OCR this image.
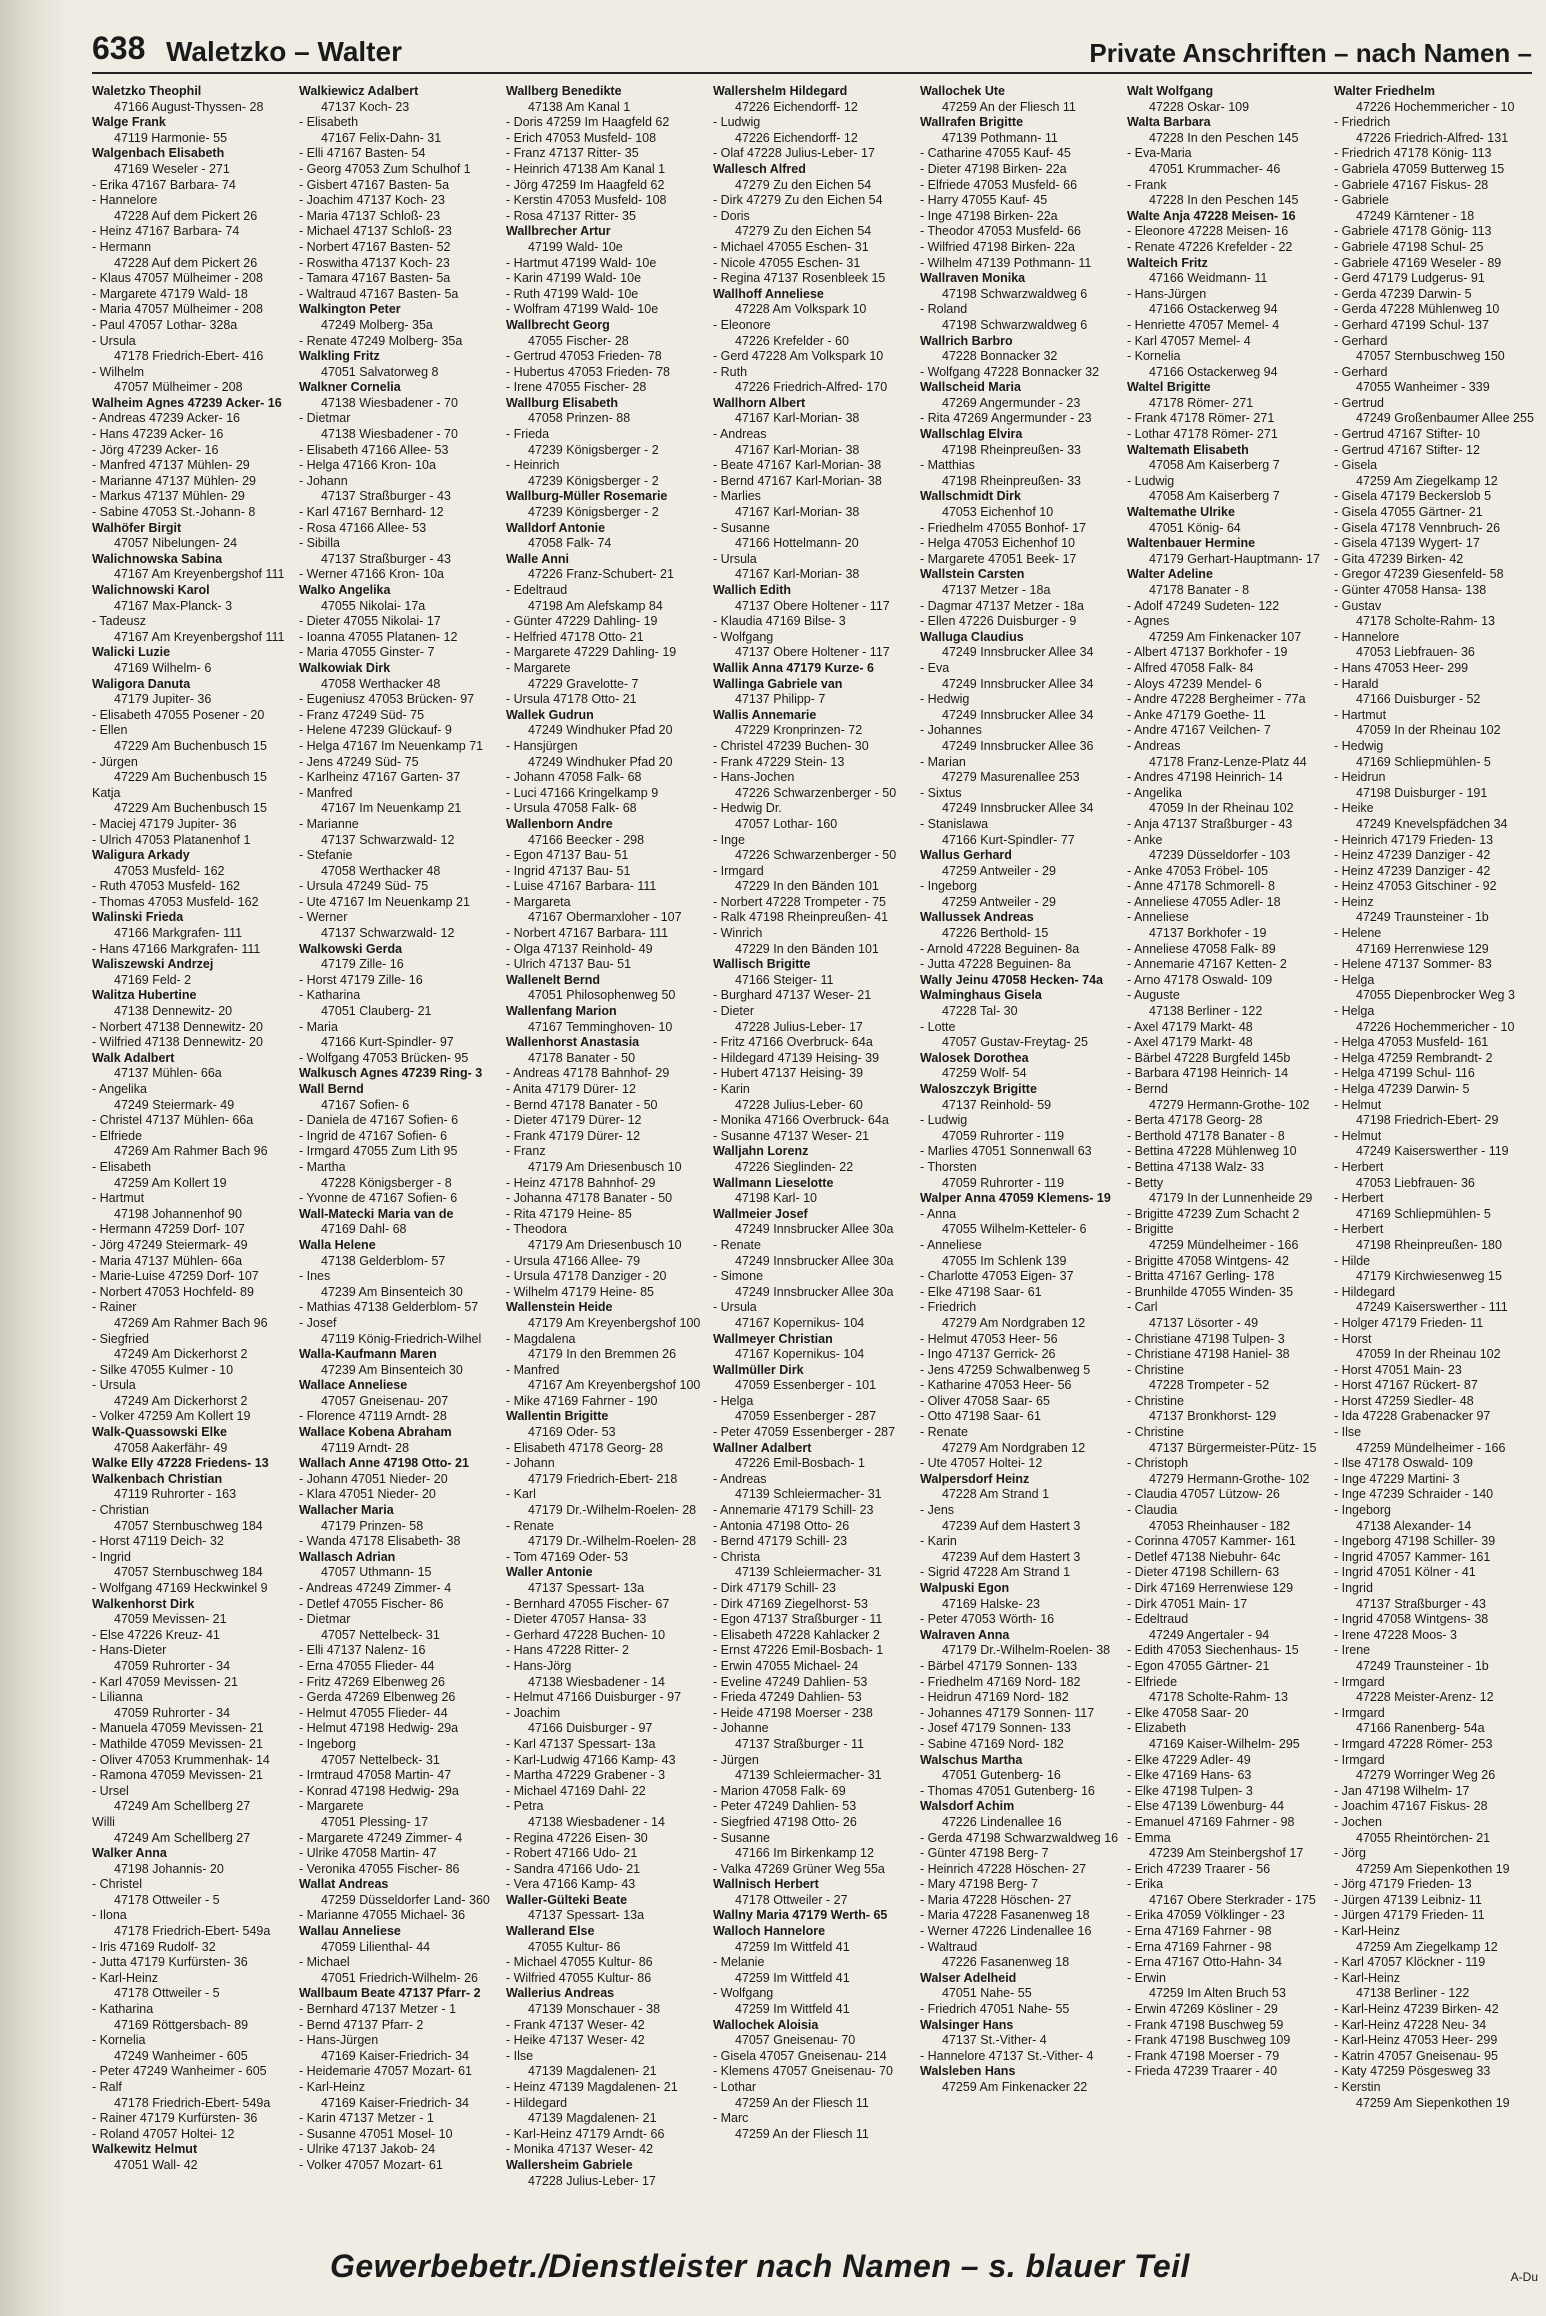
638 Waletzko – Walter	Private Anschriften – nach Namen –
Waletzko Theophil
47166 August-Thyssen- 28
Walge Frank
47119 Harmonie- 55
Walgenbach Elisabeth
47169 Weseler - 271
- Erika 47167 Barbara- 74
- Hannelore
47228 Auf dem Pickert 26
- Heinz 47167 Barbara- 74
- Hermann
47228 Auf dem Pickert 26
- Klaus 47057 Mülheimer - 208
- Margarete 47179 Wald- 18
- Maria 47057 Mülheimer - 208
- Paul 47057 Lothar- 328a
- Ursula
47178 Friedrich-Ebert- 416
- Wilhelm
47057 Mülheimer - 208
Walheim Agnes 47239 Acker- 16
- Andreas 47239 Acker- 16
- Hans 47239 Acker- 16
- Jörg 47239 Acker- 16
- Manfred 47137 Mühlen- 29
- Marianne 47137 Mühlen- 29
- Markus 47137 Mühlen- 29
- Sabine 47053 St.-Johann- 8
Walhöfer Birgit
47057 Nibelungen- 24
Walichnowska Sabina
47167 Am Kreyenbergshof 111
Walichnowski Karol
47167 Max-Planck- 3
- Tadeusz
47167 Am Kreyenbergshof 111
Walicki Luzie
47169 Wilhelm- 6
Waligora Danuta
47179 Jupiter- 36
- Elisabeth 47055 Posener - 20
- Ellen
47229 Am Buchenbusch 15
- Jürgen
47229 Am Buchenbusch 15
Katja
47229 Am Buchenbusch 15
- Maciej 47179 Jupiter- 36
- Ulrich 47053 Platanenhof 1
Waligura Arkady
47053 Musfeld- 162
- Ruth 47053 Musfeld- 162
- Thomas 47053 Musfeld- 162
Walinski Frieda
47166 Markgrafen- 111
- Hans 47166 Markgrafen- 111
Waliszewski Andrzej
47169 Feld- 2
Walitza Hubertine
47138 Dennewitz- 20
- Norbert 47138 Dennewitz- 20
- Wilfried 47138 Dennewitz- 20
Walk Adalbert
47137 Mühlen- 66a
- Angelika
47249 Steiermark- 49
- Christel 47137 Mühlen- 66a
- Elfriede
47269 Am Rahmer Bach 96
- Elisabeth
47259 Am Kollert 19
- Hartmut
47198 Johannenhof 90
- Hermann 47259 Dorf- 107
- Jörg 47249 Steiermark- 49
- Maria 47137 Mühlen- 66a
- Marie-Luise 47259 Dorf- 107
- Norbert 47053 Hochfeld- 89
- Rainer
47269 Am Rahmer Bach 96
- Siegfried
47249 Am Dickerhorst 2
- Silke 47055 Kulmer - 10
- Ursula
47249 Am Dickerhorst 2
- Volker 47259 Am Kollert 19
Walk-Quassowski Elke
47058 Aakerfähr- 49
Walke Elly 47228 Friedens- 13
Walkenbach Christian
47119 Ruhrorter - 163
- Christian
47057 Sternbuschweg 184
- Horst 47119 Deich- 32
- Ingrid
47057 Sternbuschweg 184
- Wolfgang 47169 Heckwinkel 9
Walkenhorst Dirk
47059 Mevissen- 21
- Else 47226 Kreuz- 41
- Hans-Dieter
47059 Ruhrorter - 34
- Karl 47059 Mevissen- 21
- Lilianna
47059 Ruhrorter - 34
- Manuela 47059 Mevissen- 21
- Mathilde 47059 Mevissen- 21
- Oliver 47053 Krummenhak- 14
- Ramona 47059 Mevissen- 21
- Ursel
47249 Am Schellberg 27
Willi
47249 Am Schellberg 27
Walker Anna
47198 Johannis- 20
- Christel
47178 Ottweiler - 5
- Ilona
47178 Friedrich-Ebert- 549a
- Iris 47169 Rudolf- 32
- Jutta 47179 Kurfürsten- 36
- Karl-Heinz
47178 Ottweiler - 5
- Katharina
47169 Röttgersbach- 89
- Kornelia
47249 Wanheimer - 605
- Peter 47249 Wanheimer - 605
- Ralf
47178 Friedrich-Ebert- 549a
- Rainer 47179 Kurfürsten- 36
- Roland 47057 Holtei- 12
Walkewitz Helmut
47051 Wall- 42
Walkiewicz Adalbert
47137 Koch- 23
- Elisabeth
47167 Felix-Dahn- 31
- Elli 47167 Basten- 54
- Georg 47053 Zum Schulhof 1
- Gisbert 47167 Basten- 5a
- Joachim 47137 Koch- 23
- Maria 47137 Schloß- 23
- Michael 47137 Schloß- 23
- Norbert 47167 Basten- 52
- Roswitha 47137 Koch- 23
- Tamara 47167 Basten- 5a
- Waltraud 47167 Basten- 5a
Walkington Peter
47249 Molberg- 35a
- Renate 47249 Molberg- 35a
Walkling Fritz
47051 Salvatorweg 8
Walkner Cornelia
47138 Wiesbadener - 70
- Dietmar
47138 Wiesbadener - 70
- Elisabeth 47166 Allee- 53
- Helga 47166 Kron- 10a
- Johann
47137 Straßburger - 43
- Karl 47167 Bernhard- 12
- Rosa 47166 Allee- 53
- Sibilla
47137 Straßburger - 43
- Werner 47166 Kron- 10a
Walko Angelika
47055 Nikolai- 17a
- Dieter 47055 Nikolai- 17
- Ioanna 47055 Platanen- 12
- Maria 47055 Ginster- 7
Walkowiak Dirk
47058 Werthacker 48
- Eugeniusz 47053 Brücken- 97
- Franz 47249 Süd- 75
- Helene 47239 Glückauf- 9
- Helga 47167 Im Neuenkamp 71
- Jens 47249 Süd- 75
- Karlheinz 47167 Garten- 37
- Manfred
47167 Im Neuenkamp 21
- Marianne
47137 Schwarzwald- 12
- Stefanie
47058 Werthacker 48
- Ursula 47249 Süd- 75
- Ute 47167 Im Neuenkamp 21
- Werner
47137 Schwarzwald- 12
Walkowski Gerda
47179 Zille- 16
- Horst 47179 Zille- 16
- Katharina
47051 Clauberg- 21
- Maria
47166 Kurt-Spindler- 97
- Wolfgang 47053 Brücken- 95
Walkusch Agnes 47239 Ring- 3
Wall Bernd
47167 Sofien- 6
- Daniela de 47167 Sofien- 6
- Ingrid de 47167 Sofien- 6
- Irmgard 47055 Zum Lith 95
- Martha
47228 Königsberger - 8
- Yvonne de 47167 Sofien- 6
Wall-Matecki Maria van de
47169 Dahl- 68
Walla Helene
47138 Gelderblom- 57
- Ines
47239 Am Binsenteich 30
- Mathias 47138 Gelderblom- 57
- Josef
47119 König-Friedrich-Wilhel
Walla-Kaufmann Maren
47239 Am Binsenteich 30
Wallace Anneliese
47057 Gneisenau- 207
- Florence 47119 Arndt- 28
Wallace Kobena Abraham
47119 Arndt- 28
Wallach Anne 47198 Otto- 21
- Johann 47051 Nieder- 20
- Klara 47051 Nieder- 20
Wallacher Maria
47179 Prinzen- 58
- Wanda 47178 Elisabeth- 38
Wallasch Adrian
47057 Uthmann- 15
- Andreas 47249 Zimmer- 4
- Detlef 47055 Fischer- 86
- Dietmar
47057 Nettelbeck- 31
- Elli 47137 Nalenz- 16
- Erna 47055 Flieder- 44
- Fritz 47269 Elbenweg 26
- Gerda 47269 Elbenweg 26
- Helmut 47055 Flieder- 44
- Helmut 47198 Hedwig- 29a
- Ingeborg
47057 Nettelbeck- 31
- Irmtraud 47058 Martin- 47
- Konrad 47198 Hedwig- 29a
- Margarete
47051 Plessing- 17
- Margarete 47249 Zimmer- 4
- Ulrike 47058 Martin- 47
- Veronika 47055 Fischer- 86
Wallat Andreas
47259 Düsseldorfer Land- 360
- Marianne 47055 Michael- 36
Wallau Anneliese
47059 Lilienthal- 44
- Michael
47051 Friedrich-Wilhelm- 26
Wallbaum Beate 47137 Pfarr- 2
- Bernhard 47137 Metzer - 1
- Bernd 47137 Pfarr- 2
- Hans-Jürgen
47169 Kaiser-Friedrich- 34
- Heidemarie 47057 Mozart- 61
- Karl-Heinz
47169 Kaiser-Friedrich- 34
- Karin 47137 Metzer - 1
- Susanne 47051 Mosel- 10
- Ulrike 47137 Jakob- 24
- Volker 47057 Mozart- 61
Wallberg Benedikte
47138 Am Kanal 1
- Doris 47259 Im Haagfeld 62
- Erich 47053 Musfeld- 108
- Franz 47137 Ritter- 35
- Heinrich 47138 Am Kanal 1
- Jörg 47259 Im Haagfeld 62
- Kerstin 47053 Musfeld- 108
- Rosa 47137 Ritter- 35
Wallbrecher Artur
47199 Wald- 10e
- Hartmut 47199 Wald- 10e
- Karin 47199 Wald- 10e
- Ruth 47199 Wald- 10e
- Wolfram 47199 Wald- 10e
Wallbrecht Georg
47055 Fischer- 28
- Gertrud 47053 Frieden- 78
- Hubertus 47053 Frieden- 78
- Irene 47055 Fischer- 28
Wallburg Elisabeth
47058 Prinzen- 88
- Frieda
47239 Königsberger - 2
- Heinrich
47239 Königsberger - 2
Wallburg-Müller Rosemarie
47239 Königsberger - 2
Walldorf Antonie
47058 Falk- 74
Walle Anni
47226 Franz-Schubert- 21
- Edeltraud
47198 Am Alefskamp 84
- Günter 47229 Dahling- 19
- Helfried 47178 Otto- 21
- Margarete 47229 Dahling- 19
- Margarete
47229 Gravelotte- 7
- Ursula 47178 Otto- 21
Wallek Gudrun
47249 Windhuker Pfad 20
- Hansjürgen
47249 Windhuker Pfad 20
- Johann 47058 Falk- 68
- Luci 47166 Kringelkamp 9
- Ursula 47058 Falk- 68
Wallenborn Andre
47166 Beecker - 298
- Egon 47137 Bau- 51
- Ingrid 47137 Bau- 51
- Luise 47167 Barbara- 111
- Margareta
47167 Obermarxloher - 107
- Norbert 47167 Barbara- 111
- Olga 47137 Reinhold- 49
- Ulrich 47137 Bau- 51
Wallenelt Bernd
47051 Philosophenweg 50
Wallenfang Marion
47167 Temminghoven- 10
Wallenhorst Anastasia
47178 Banater - 50
- Andreas 47178 Bahnhof- 29
- Anita 47179 Dürer- 12
- Bernd 47178 Banater - 50
- Dieter 47179 Dürer- 12
- Frank 47179 Dürer- 12
- Franz
47179 Am Driesenbusch 10
- Heinz 47178 Bahnhof- 29
- Johanna 47178 Banater - 50
- Rita 47179 Heine- 85
- Theodora
47179 Am Driesenbusch 10
- Ursula 47166 Allee- 79
- Ursula 47178 Danziger - 20
- Wilhelm 47179 Heine- 85
Wallenstein Heide
47179 Am Kreyenbergshof 100
- Magdalena
47179 In den Bremmen 26
- Manfred
47167 Am Kreyenbergshof 100
- Mike 47169 Fahrner - 190
Wallentin Brigitte
47169 Oder- 53
- Elisabeth 47178 Georg- 28
- Johann
47179 Friedrich-Ebert- 218
- Karl
47179 Dr.-Wilhelm-Roelen- 28
- Renate
47179 Dr.-Wilhelm-Roelen- 28
- Tom 47169 Oder- 53
Waller Antonie
47137 Spessart- 13a
- Bernhard 47055 Fischer- 67
- Dieter 47057 Hansa- 33
- Gerhard 47228 Buchen- 10
- Hans 47228 Ritter- 2
- Hans-Jörg
47138 Wiesbadener - 14
- Helmut 47166 Duisburger - 97
- Joachim
47166 Duisburger - 97
- Karl 47137 Spessart- 13a
- Karl-Ludwig 47166 Kamp- 43
- Martha 47229 Grabener - 3
- Michael 47169 Dahl- 22
- Petra
47138 Wiesbadener - 14
- Regina 47226 Eisen- 30
- Robert 47166 Udo- 21
- Sandra 47166 Udo- 21
- Vera 47166 Kamp- 43
Waller-Gülteki Beate
47137 Spessart- 13a
Wallerand Else
47055 Kultur- 86
- Michael 47055 Kultur- 86
- Wilfried 47055 Kultur- 86
Wallerius Andreas
47139 Monschauer - 38
- Frank 47137 Weser- 42
- Heike 47137 Weser- 42
- Ilse
47139 Magdalenen- 21
- Heinz 47139 Magdalenen- 21
- Hildegard
47139 Magdalenen- 21
- Karl-Heinz 47179 Arndt- 66
- Monika 47137 Weser- 42
Wallersheim Gabriele
47228 Julius-Leber- 17
Wallershelm Hildegard
47226 Eichendorff- 12
- Ludwig
47226 Eichendorff- 12
- Olaf 47228 Julius-Leber- 17
Wallesch Alfred
47279 Zu den Eichen 54
- Dirk 47279 Zu den Eichen 54
- Doris
47279 Zu den Eichen 54
- Michael 47055 Eschen- 31
- Nicole 47055 Eschen- 31
- Regina 47137 Rosenbleek 15
Wallhoff Anneliese
47228 Am Volkspark 10
- Eleonore
47226 Krefelder - 60
- Gerd 47228 Am Volkspark 10
- Ruth
47226 Friedrich-Alfred- 170
Wallhorn Albert
47167 Karl-Morian- 38
- Andreas
47167 Karl-Morian- 38
- Beate 47167 Karl-Morian- 38
- Bernd 47167 Karl-Morian- 38
- Marlies
47167 Karl-Morian- 38
- Susanne
47166 Hottelmann- 20
- Ursula
47167 Karl-Morian- 38
Wallich Edith
47137 Obere Holtener - 117
- Klaudia 47169 Bilse- 3
- Wolfgang
47137 Obere Holtener - 117
Wallik Anna 47179 Kurze- 6
Wallinga Gabriele van
47137 Philipp- 7
Wallis Annemarie
47229 Kronprinzen- 72
- Christel 47239 Buchen- 30
- Frank 47229 Stein- 13
- Hans-Jochen
47226 Schwarzenberger - 50
- Hedwig Dr.
47057 Lothar- 160
- Inge
47226 Schwarzenberger - 50
- Irmgard
47229 In den Bänden 101
- Norbert 47228 Trompeter - 75
- Ralk 47198 Rheinpreußen- 41
- Winrich
47229 In den Bänden 101
Wallisch Brigitte
47166 Steiger- 11
- Burghard 47137 Weser- 21
- Dieter
47228 Julius-Leber- 17
- Fritz 47166 Overbruck- 64a
- Hildegard 47139 Heising- 39
- Hubert 47137 Heising- 39
- Karin
47228 Julius-Leber- 60
- Monika 47166 Overbruck- 64a
- Susanne 47137 Weser- 21
Walljahn Lorenz
47226 Sieglinden- 22
Wallmann Lieselotte
47198 Karl- 10
Wallmeier Josef
47249 Innsbrucker Allee 30a
- Renate
47249 Innsbrucker Allee 30a
- Simone
47249 Innsbrucker Allee 30a
- Ursula
47167 Kopernikus- 104
Wallmeyer Christian
47167 Kopernikus- 104
Wallmüller Dirk
47059 Essenberger - 101
- Helga
47059 Essenberger - 287
- Peter 47059 Essenberger - 287
Wallner Adalbert
47226 Emil-Bosbach- 1
- Andreas
47139 Schleiermacher- 31
- Annemarie 47179 Schill- 23
- Antonia 47198 Otto- 26
- Bernd 47179 Schill- 23
- Christa
47139 Schleiermacher- 31
- Dirk 47179 Schill- 23
- Dirk 47169 Ziegelhorst- 53
- Egon 47137 Straßburger - 11
- Elisabeth 47228 Kahlacker 2
- Ernst 47226 Emil-Bosbach- 1
- Erwin 47055 Michael- 24
- Eveline 47249 Dahlien- 53
- Frieda 47249 Dahlien- 53
- Heide 47198 Moerser - 238
- Johanne
47137 Straßburger - 11
- Jürgen
47139 Schleiermacher- 31
- Marion 47058 Falk- 69
- Peter 47249 Dahlien- 53
- Siegfried 47198 Otto- 26
- Susanne
47166 Im Birkenkamp 12
- Valka 47269 Grüner Weg 55a
Wallnisch Herbert
47178 Ottweiler - 27
Wallny Maria 47179 Werth- 65
Walloch Hannelore
47259 Im Wittfeld 41
- Melanie
47259 Im Wittfeld 41
- Wolfgang
47259 Im Wittfeld 41
Wallochek Aloisia
47057 Gneisenau- 70
- Gisela 47057 Gneisenau- 214
- Klemens 47057 Gneisenau- 70
- Lothar
47259 An der Fliesch 11
- Marc
47259 An der Fliesch 11
Wallochek Ute
47259 An der Fliesch 11
Wallrafen Brigitte
47139 Pothmann- 11
- Catharine 47055 Kauf- 45
- Dieter 47198 Birken- 22a
- Elfriede 47053 Musfeld- 66
- Harry 47055 Kauf- 45
- Inge 47198 Birken- 22a
- Theodor 47053 Musfeld- 66
- Wilfried 47198 Birken- 22a
- Wilhelm 47139 Pothmann- 11
Wallraven Monika
47198 Schwarzwaldweg 6
- Roland
47198 Schwarzwaldweg 6
Wallrich Barbro
47228 Bonnacker 32
- Wolfgang 47228 Bonnacker 32
Wallscheid Maria
47269 Angermunder - 23
- Rita 47269 Angermunder - 23
Wallschlag Elvira
47198 Rheinpreußen- 33
- Matthias
47198 Rheinpreußen- 33
Wallschmidt Dirk
47053 Eichenhof 10
- Friedhelm 47055 Bonhof- 17
- Helga 47053 Eichenhof 10
- Margarete 47051 Beek- 17
Wallstein Carsten
47137 Metzer - 18a
- Dagmar 47137 Metzer - 18a
- Ellen 47226 Duisburger - 9
Walluga Claudius
47249 Innsbrucker Allee 34
- Eva
47249 Innsbrucker Allee 34
- Hedwig
47249 Innsbrucker Allee 34
- Johannes
47249 Innsbrucker Allee 36
- Marian
47279 Masurenallee 253
- Sixtus
47249 Innsbrucker Allee 34
- Stanislawa
47166 Kurt-Spindler- 77
Wallus Gerhard
47259 Antweiler - 29
- Ingeborg
47259 Antweiler - 29
Wallussek Andreas
47226 Berthold- 15
- Arnold 47228 Beguinen- 8a
- Jutta 47228 Beguinen- 8a
Wally Jeinu 47058 Hecken- 74a
Walminghaus Gisela
47228 Tal- 30
- Lotte
47057 Gustav-Freytag- 25
Walosek Dorothea
47259 Wolf- 54
Waloszczyk Brigitte
47137 Reinhold- 59
- Ludwig
47059 Ruhrorter - 119
- Marlies 47051 Sonnenwall 63
- Thorsten
47059 Ruhrorter - 119
Walper Anna 47059 Klemens- 19
- Anna
47055 Wilhelm-Ketteler- 6
- Anneliese
47055 Im Schlenk 139
- Charlotte 47053 Eigen- 37
- Elke 47198 Saar- 61
- Friedrich
47279 Am Nordgraben 12
- Helmut 47053 Heer- 56
- Ingo 47137 Gerrick- 26
- Jens 47259 Schwalbenweg 5
- Katharine 47053 Heer- 56
- Oliver 47058 Saar- 65
- Otto 47198 Saar- 61
- Renate
47279 Am Nordgraben 12
- Ute 47057 Holtei- 12
Walpersdorf Heinz
47228 Am Strand 1
- Jens
47239 Auf dem Hastert 3
- Karin
47239 Auf dem Hastert 3
- Sigrid 47228 Am Strand 1
Walpuski Egon
47169 Halske- 23
- Peter 47053 Wörth- 16
Walraven Anna
47179 Dr.-Wilhelm-Roelen- 38
- Bärbel 47179 Sonnen- 133
- Friedhelm 47169 Nord- 182
- Heidrun 47169 Nord- 182
- Johannes 47179 Sonnen- 117
- Josef 47179 Sonnen- 133
- Sabine 47169 Nord- 182
Walschus Martha
47051 Gutenberg- 16
- Thomas 47051 Gutenberg- 16
Walsdorf Achim
47226 Lindenallee 16
- Gerda 47198 Schwarzwaldweg 16
- Günter 47198 Berg- 7
- Heinrich 47228 Höschen- 27
- Mary 47198 Berg- 7
- Maria 47228 Höschen- 27
- Maria 47228 Fasanenweg 18
- Werner 47226 Lindenallee 16
- Waltraud
47226 Fasanenweg 18
Walser Adelheid
47051 Nahe- 55
- Friedrich 47051 Nahe- 55
Walsinger Hans
47137 St.-Vither- 4
- Hannelore 47137 St.-Vither- 4
Walsleben Hans
47259 Am Finkenacker 22
Walt Wolfgang
47228 Oskar- 109
Walta Barbara
47228 In den Peschen 145
- Eva-Maria
47051 Krummacher- 46
- Frank
47228 In den Peschen 145
Walte Anja 47228 Meisen- 16
- Eleonore 47228 Meisen- 16
- Renate 47226 Krefelder - 22
Walteich Fritz
47166 Weidmann- 11
- Hans-Jürgen
47166 Ostackerweg 94
- Henriette 47057 Memel- 4
- Karl 47057 Memel- 4
- Kornelia
47166 Ostackerweg 94
Waltel Brigitte
47178 Römer- 271
- Frank 47178 Römer- 271
- Lothar 47178 Römer- 271
Waltemath Elisabeth
47058 Am Kaiserberg 7
- Ludwig
47058 Am Kaiserberg 7
Waltemathe Ulrike
47051 König- 64
Waltenbauer Hermine
47179 Gerhart-Hauptmann- 17
Walter Adeline
47178 Banater - 8
- Adolf 47249 Sudeten- 122
- Agnes
47259 Am Finkenacker 107
- Albert 47137 Borkhofer - 19
- Alfred 47058 Falk- 84
- Aloys 47239 Mendel- 6
- Andre 47228 Bergheimer - 77a
- Anke 47179 Goethe- 11
- Andre 47167 Veilchen- 7
- Andreas
47178 Franz-Lenze-Platz 44
- Andres 47198 Heinrich- 14
- Angelika
47059 In der Rheinau 102
- Anja 47137 Straßburger - 43
- Anke
47239 Düsseldorfer - 103
- Anke 47053 Fröbel- 105
- Anne 47178 Schmorell- 8
- Anneliese 47055 Adler- 18
- Anneliese
47137 Borkhofer - 19
- Anneliese 47058 Falk- 89
- Annemarie 47167 Ketten- 2
- Arno 47178 Oswald- 109
- Auguste
47138 Berliner - 122
- Axel 47179 Markt- 48
- Axel 47179 Markt- 48
- Bärbel 47228 Burgfeld 145b
- Barbara 47198 Heinrich- 14
- Bernd
47279 Hermann-Grothe- 102
- Berta 47178 Georg- 28
- Berthold 47178 Banater - 8
- Bettina 47228 Mühlenweg 10
- Bettina 47138 Walz- 33
- Betty
47179 In der Lunnenheide 29
- Brigitte 47239 Zum Schacht 2
- Brigitte
47259 Mündelheimer - 166
- Brigitte 47058 Wintgens- 42
- Britta 47167 Gerling- 178
- Brunhilde 47055 Winden- 35
- Carl
47137 Lösorter - 49
- Christiane 47198 Tulpen- 3
- Christiane 47198 Haniel- 38
- Christine
47228 Trompeter - 52
- Christine
47137 Bronkhorst- 129
- Christine
47137 Bürgermeister-Pütz- 15
- Christoph
47279 Hermann-Grothe- 102
- Claudia 47057 Lützow- 26
- Claudia
47053 Rheinhauser - 182
- Corinna 47057 Kammer- 161
- Detlef 47138 Niebuhr- 64c
- Dieter 47198 Schillern- 63
- Dirk 47169 Herrenwiese 129
- Dirk 47051 Main- 17
- Edeltraud
47249 Angertaler - 94
- Edith 47053 Siechenhaus- 15
- Egon 47055 Gärtner- 21
- Elfriede
47178 Scholte-Rahm- 13
- Elke 47058 Saar- 20
- Elizabeth
47169 Kaiser-Wilhelm- 295
- Elke 47229 Adler- 49
- Elke 47169 Hans- 63
- Elke 47198 Tulpen- 3
- Else 47139 Löwenburg- 44
- Emanuel 47169 Fahrner - 98
- Emma
47239 Am Steinbergshof 17
- Erich 47239 Traarer - 56
- Erika
47167 Obere Sterkrader - 175
- Erika 47059 Völklinger - 23
- Erna 47169 Fahrner - 98
- Erna 47169 Fahrner - 98
- Erna 47167 Otto-Hahn- 34
- Erwin
47259 Im Alten Bruch 53
- Erwin 47269 Kösliner - 29
- Frank 47198 Buschweg 59
- Frank 47198 Buschweg 109
- Frank 47198 Moerser - 79
- Frieda 47239 Traarer - 40
Walter Friedhelm
47226 Hochemmericher - 10
- Friedrich
47226 Friedrich-Alfred- 131
- Friedrich 47178 König- 113
- Gabriela 47059 Butterweg 15
- Gabriele 47167 Fiskus- 28
- Gabriele
47249 Kärntener - 18
- Gabriele 47178 Gönig- 113
- Gabriele 47198 Schul- 25
- Gabriele 47169 Weseler - 89
- Gerd 47179 Ludgerus- 91
- Gerda 47239 Darwin- 5
- Gerda 47228 Mühlenweg 10
- Gerhard 47199 Schul- 137
- Gerhard
47057 Sternbuschweg 150
- Gerhard
47055 Wanheimer - 339
- Gertrud
47249 Großenbaumer Allee 255
- Gertrud 47167 Stifter- 10
- Gertrud 47167 Stifter- 12
- Gisela
47259 Am Ziegelkamp 12
- Gisela 47179 Beckerslob 5
- Gisela 47055 Gärtner- 21
- Gisela 47178 Vennbruch- 26
- Gisela 47139 Wygert- 17
- Gita 47239 Birken- 42
- Gregor 47239 Giesenfeld- 58
- Günter 47058 Hansa- 138
- Gustav
47178 Scholte-Rahm- 13
- Hannelore
47053 Liebfrauen- 36
- Hans 47053 Heer- 299
- Harald
47166 Duisburger - 52
- Hartmut
47059 In der Rheinau 102
- Hedwig
47169 Schliepmühlen- 5
- Heidrun
47198 Duisburger - 191
- Heike
47249 Knevelspfädchen 34
- Heinrich 47179 Frieden- 13
- Heinz 47239 Danziger - 42
- Heinz 47239 Danziger - 42
- Heinz 47053 Gitschiner - 92
- Heinz
47249 Traunsteiner - 1b
- Helene
47169 Herrenwiese 129
- Helene 47137 Sommer- 83
- Helga
47055 Diepenbrocker Weg 3
- Helga
47226 Hochemmericher - 10
- Helga 47053 Musfeld- 161
- Helga 47259 Rembrandt- 2
- Helga 47199 Schul- 116
- Helga 47239 Darwin- 5
- Helmut
47198 Friedrich-Ebert- 29
- Helmut
47249 Kaiserswerther - 119
- Herbert
47053 Liebfrauen- 36
- Herbert
47169 Schliepmühlen- 5
- Herbert
47198 Rheinpreußen- 180
- Hilde
47179 Kirchwiesenweg 15
- Hildegard
47249 Kaiserswerther - 111
- Holger 47179 Frieden- 11
- Horst
47059 In der Rheinau 102
- Horst 47051 Main- 23
- Horst 47167 Rückert- 87
- Horst 47259 Siedler- 48
- Ida 47228 Grabenacker 97
- Ilse
47259 Mündelheimer - 166
- Ilse 47178 Oswald- 109
- Inge 47229 Martini- 3
- Inge 47239 Schraider - 140
- Ingeborg
47138 Alexander- 14
- Ingeborg 47198 Schiller- 39
- Ingrid 47057 Kammer- 161
- Ingrid 47051 Kölner - 41
- Ingrid
47137 Straßburger - 43
- Ingrid 47058 Wintgens- 38
- Irene 47228 Moos- 3
- Irene
47249 Traunsteiner - 1b
- Irmgard
47228 Meister-Arenz- 12
- Irmgard
47166 Ranenberg- 54a
- Irmgard 47228 Römer- 253
- Irmgard
47279 Worringer Weg 26
- Jan 47198 Wilhelm- 17
- Joachim 47167 Fiskus- 28
- Jochen
47055 Rheintörchen- 21
- Jörg
47259 Am Siepenkothen 19
- Jörg 47179 Frieden- 13
- Jürgen 47139 Leibniz- 11
- Jürgen 47179 Frieden- 11
- Karl-Heinz
47259 Am Ziegelkamp 12
- Karl 47057 Klöckner - 119
- Karl-Heinz
47138 Berliner - 122
- Karl-Heinz 47239 Birken- 42
- Karl-Heinz 47228 Neu- 34
- Karl-Heinz 47053 Heer- 299
- Katrin 47057 Gneisenau- 95
- Katy 47259 Pösgesweg 33
- Kerstin
47259 Am Siepenkothen 19
Gewerbebetr./Dienstleister nach Namen – s. blauer Teil	A-Du
